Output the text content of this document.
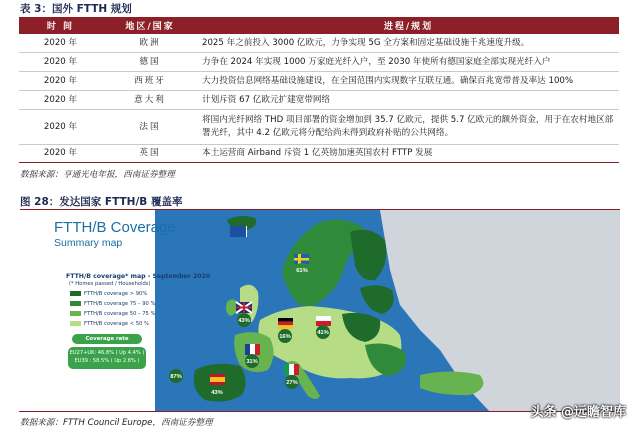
表 3：国外 FTTH 规划
时 间	地区/国家	进程/规划
2020 年	欧洲	2025 年之前投入 3000 亿欧元，力争实现 5G 全方案和固定基础设施千兆速度升级。
2020 年	德国	力争在 2024 年实现 1000 万家庭光纤入户，至 2030 年使所有德国家庭全部实现光纤入户
2020 年	西班牙	大力投资信息网络基础设施建设，在全国范围内实现数字互联互通。确保百兆宽带普及率达 100%
2020 年	意大利	计划斥资 67 亿欧元扩建宽带网络
2020 年	法国	将国内光纤网络 THD 项目部署的资金增加到 35.7 亿欧元，提供 5.7 亿欧元的额外资金，用于在农村地区部署光纤，其中 4.2 亿欧元将分配给尚未得到政府补贴的公共网络。
2020 年	英国	本土运营商 Airband 斥资 1 亿英镑加速英国农村 FTTP 发展
数据来源：亨通光电年报，西南证券整理
图 28：发达国家 FTTH/B 覆盖率
61%
43%
16%
41%
31%
43%
87%
27%
FTTH/B Coverage
Summary map
FTTH/B coverage* map - September 2020
(* Homes passed / Households)
FTTH/B coverage > 90%
FTTH/B coverage 75 – 90 %
FTTH/B coverage 50 – 75 %
FTTH/B coverage < 50 %
Coverage rate
EU27+UK: 46.8% ( Up 4.4% )
EU39 : 58.5% ( Up 2.8% )
数据来源：FTTH Council Europe，西南证券整理
头条 @远瞻智库
